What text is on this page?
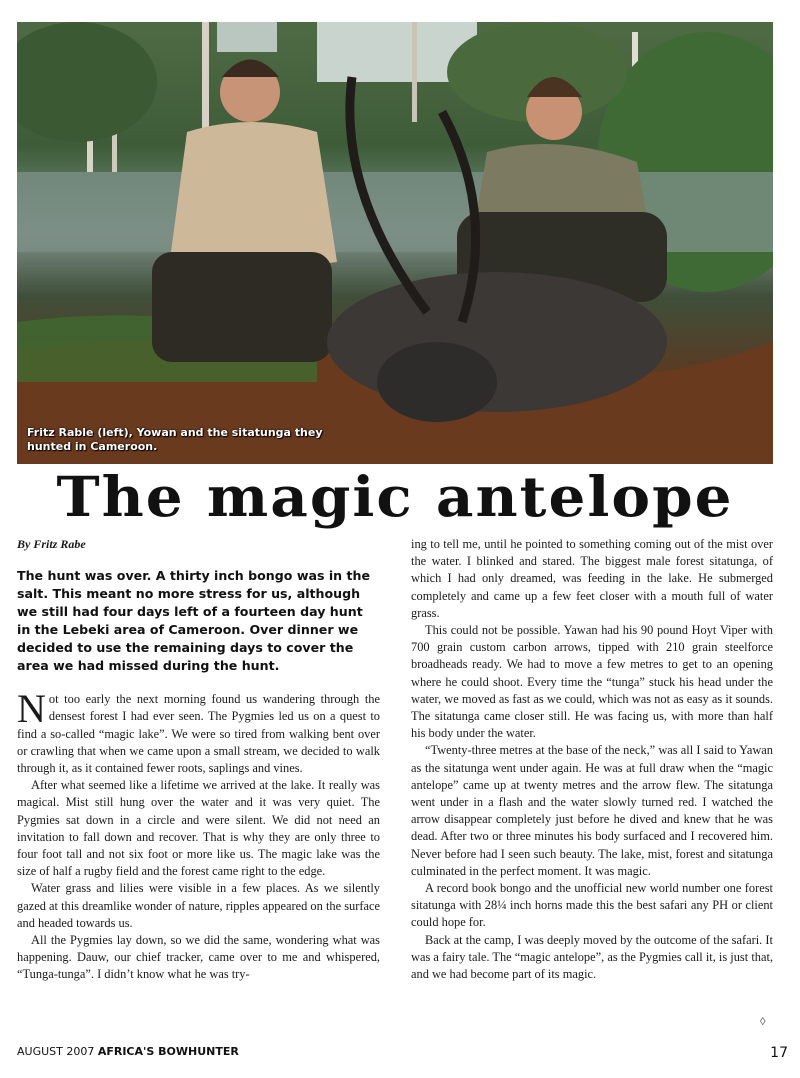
Fritz Rable (left), Yowan and the sitatunga they hunted in Cameroon.
The magic antelope

By Fritz Rabe

The hunt was over. A thirty inch bongo was in the salt. This meant no more stress for us, although we still had four days left of a fourteen day hunt in the Lebeki area of Cameroon. Over dinner we decided to use the remaining days to cover the area we had missed during the hunt.

Not too early the next morning found us wandering through the densest forest I had ever seen. The Pygmies led us on a quest to find a so-called “magic lake”. We were so tired from walking bent over or crawling that when we came upon a small stream, we decided to walk through it, as it contained fewer roots, saplings and vines.

After what seemed like a lifetime we arrived at the lake. It really was magical. Mist still hung over the water and it was very quiet. The Pygmies sat down in a circle and were silent. We did not need an invitation to fall down and recover. That is why they are only three to four foot tall and not six foot or more like us. The magic lake was the size of half a rugby field and the forest came right to the edge.

Water grass and lilies were visible in a few places. As we silently gazed at this dreamlike wonder of nature, ripples appeared on the surface and headed towards us.

All the Pygmies lay down, so we did the same, wondering what was happening. Dauw, our chief tracker, came over to me and whispered, “Tunga-tunga”. I didn’t know what he was try-

ing to tell me, until he pointed to something coming out of the mist over the water. I blinked and stared. The biggest male forest sitatunga, of which I had only dreamed, was feeding in the lake. He submerged completely and came up a few feet closer with a mouth full of water grass.

This could not be possible. Yawan had his 90 pound Hoyt Viper with 700 grain custom carbon arrows, tipped with 210 grain steelforce broadheads ready. We had to move a few metres to get to an opening where he could shoot. Every time the “tunga” stuck his head under the water, we moved as fast as we could, which was not as easy as it sounds. The sitatunga came closer still. He was facing us, with more than half his body under the water.

“Twenty-three metres at the base of the neck,” was all I said to Yawan as the sitatunga went under again. He was at full draw when the “magic antelope” came up at twenty metres and the arrow flew. The sitatunga went under in a flash and the water slowly turned red. I watched the arrow disappear completely just before he dived and knew that he was dead. After two or three minutes his body surfaced and I recovered him. Never before had I seen such beauty. The lake, mist, forest and sitatunga culminated in the perfect moment. It was magic.

A record book bongo and the unofficial new world number one forest sitatunga with 28¼ inch horns made this the best safari any PH or client could hope for.

Back at the camp, I was deeply moved by the outcome of the safari. It was a fairy tale. The “magic antelope”, as the Pygmies call it, is just that, and we had become part of its magic.

◊
AUGUST 2007 AFRICA'S BOWHUNTER	17
